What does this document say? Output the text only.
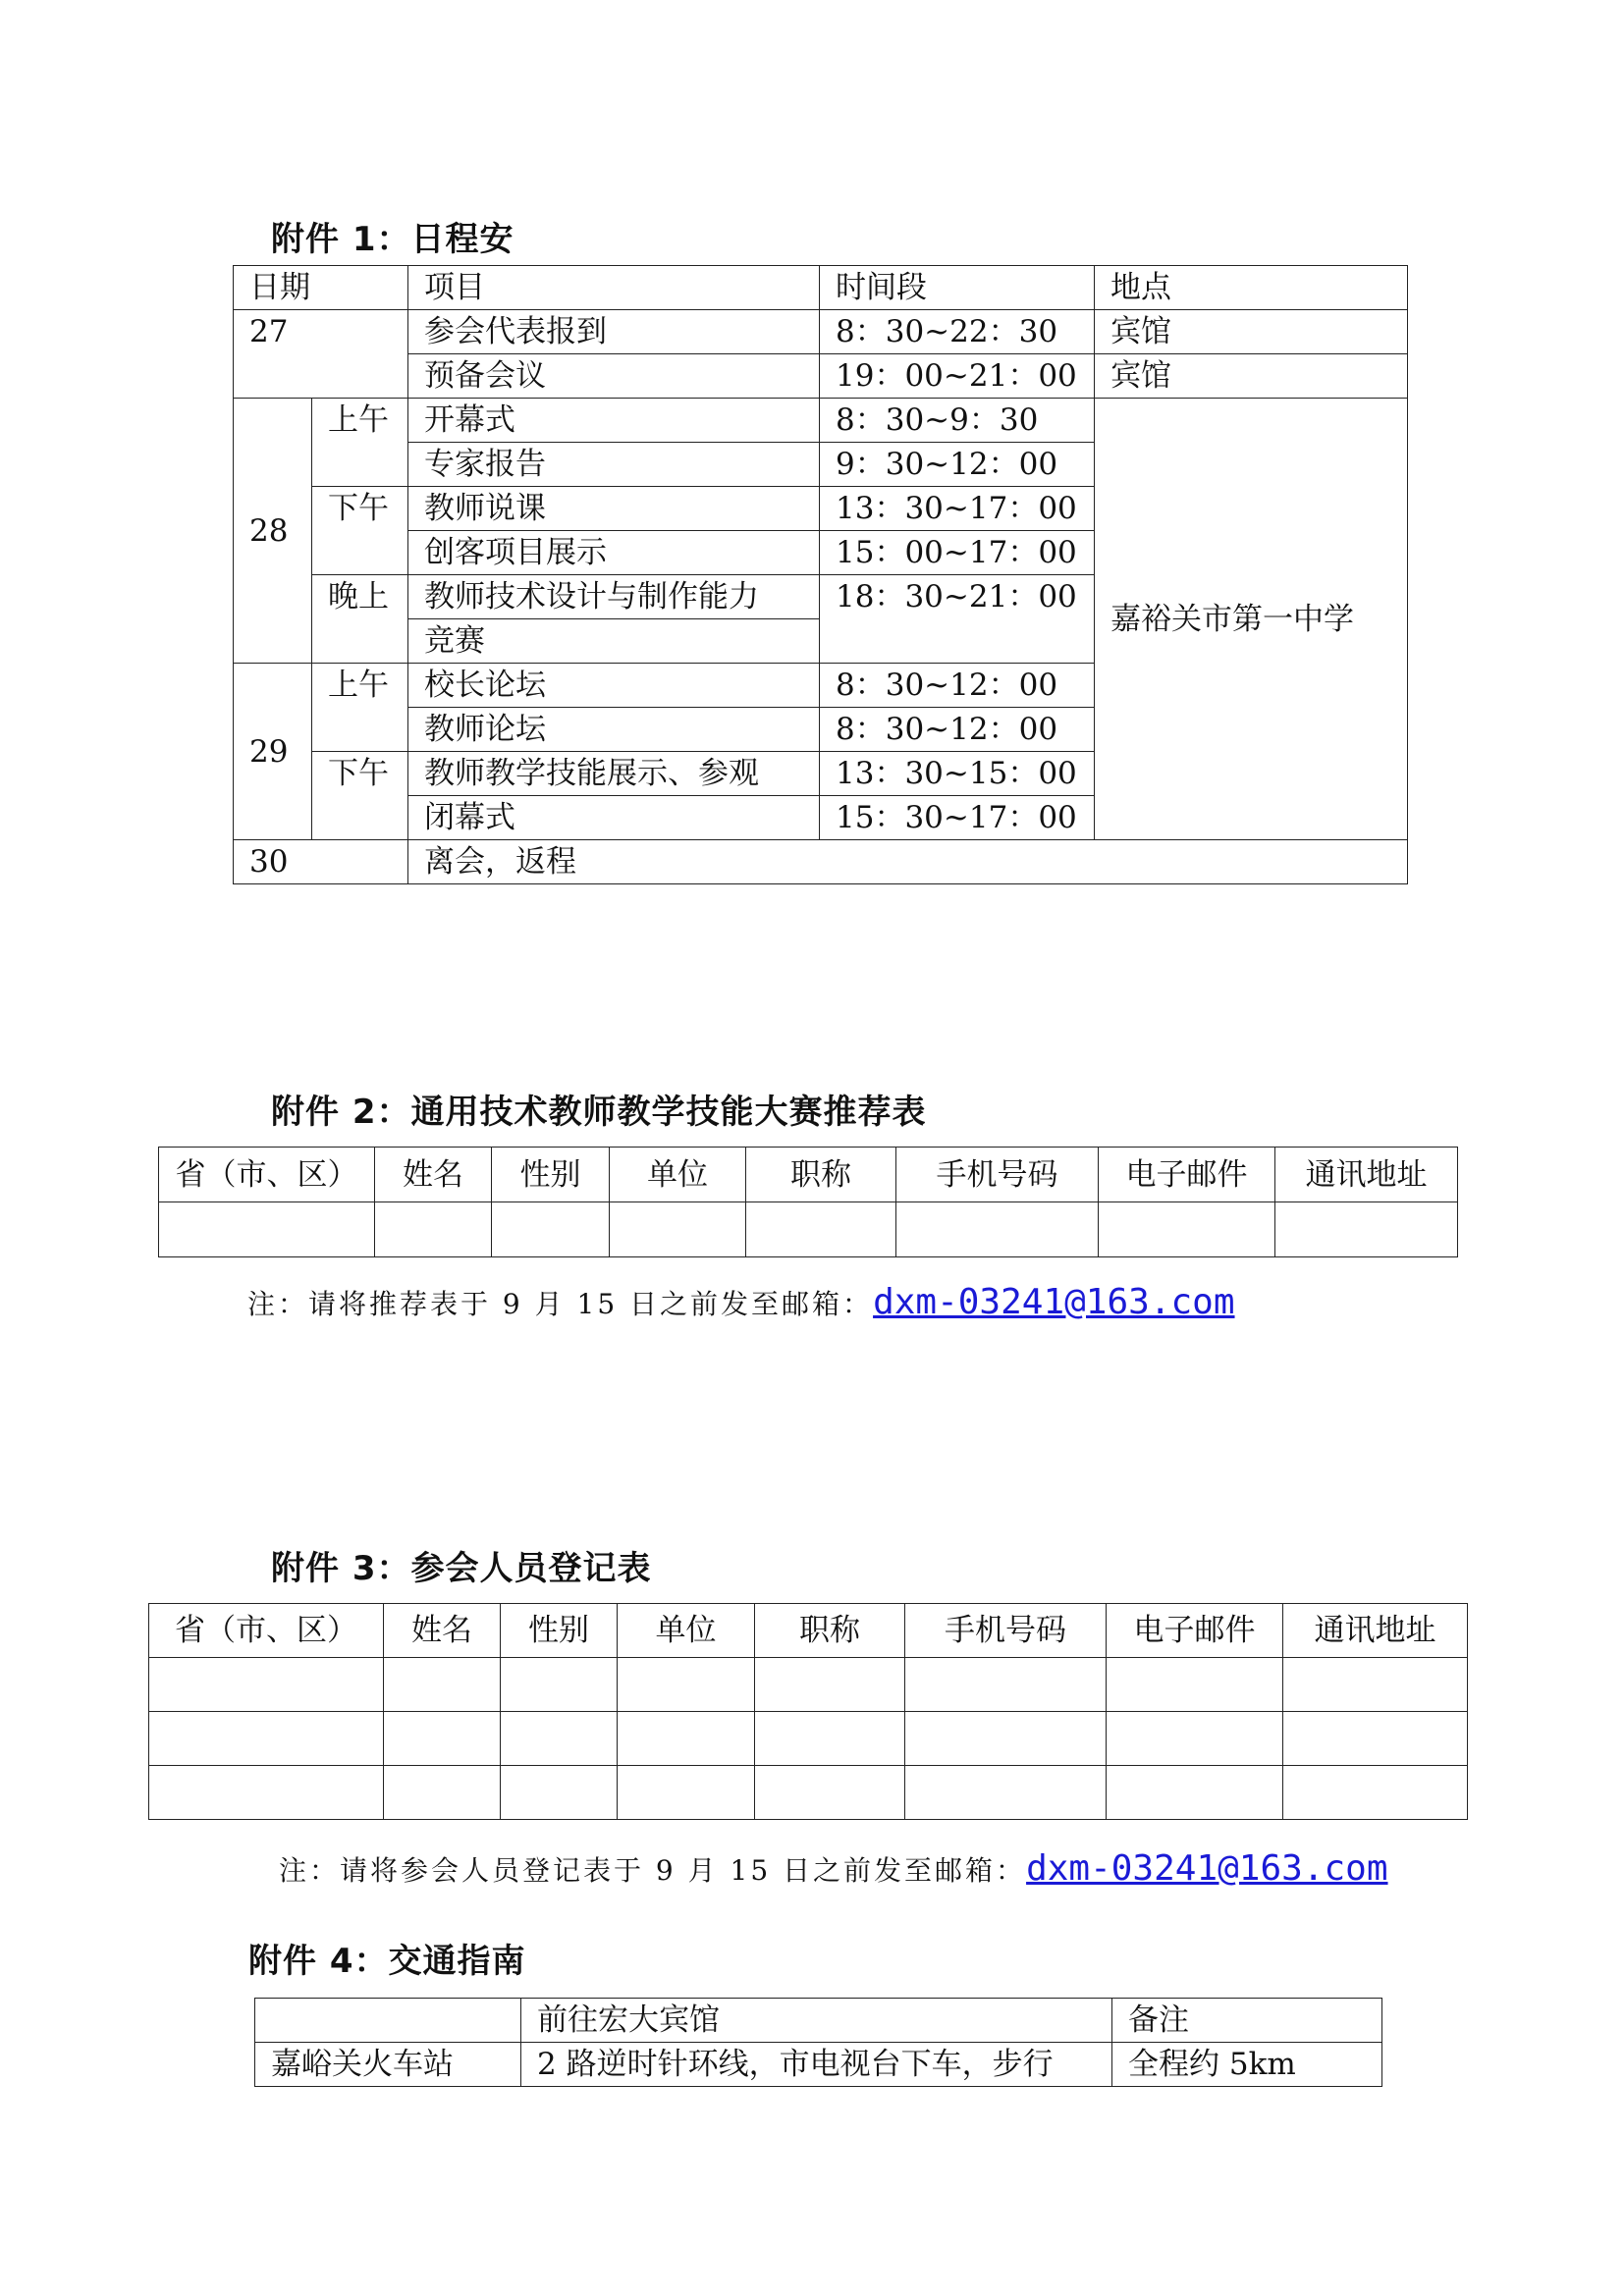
附件 1：日程安
日期		项目	时间段	地点
27		参会代表报到	8：30~22：30	宾馆
		预备会议	19：00~21：00	宾馆
28	上午	开幕式	8：30~9：30	嘉裕关市第一中学
		专家报告	9：30~12：00	
	下午	教师说课	13：30~17：00	
		创客项目展示	15：00~17：00	
	晚上	教师技术设计与制作能力	18：30~21：00	
		竞赛		
29	上午	校长论坛	8：30~12：00	
		教师论坛	8：30~12：00	
	下午	教师教学技能展示、参观	13：30~15：00	
		闭幕式	15：30~17：00	
30		离会，返程		
附件 2：通用技术教师教学技能大赛推荐表
省（市、区）	姓名	性别	单位	职称	手机号码	电子邮件	通讯地址

注：请将推荐表于 9 月 15 日之前发至邮箱：dxm-03241@163.com
附件 3：参会人员登记表
省（市、区）	姓名	性别	单位	职称	手机号码	电子邮件	通讯地址

注：请将参会人员登记表于 9 月 15 日之前发至邮箱：dxm-03241@163.com
附件 4：交通指南
	前往宏大宾馆	备注
嘉峪关火车站	2 路逆时针环线，市电视台下车，步行	全程约 5km
